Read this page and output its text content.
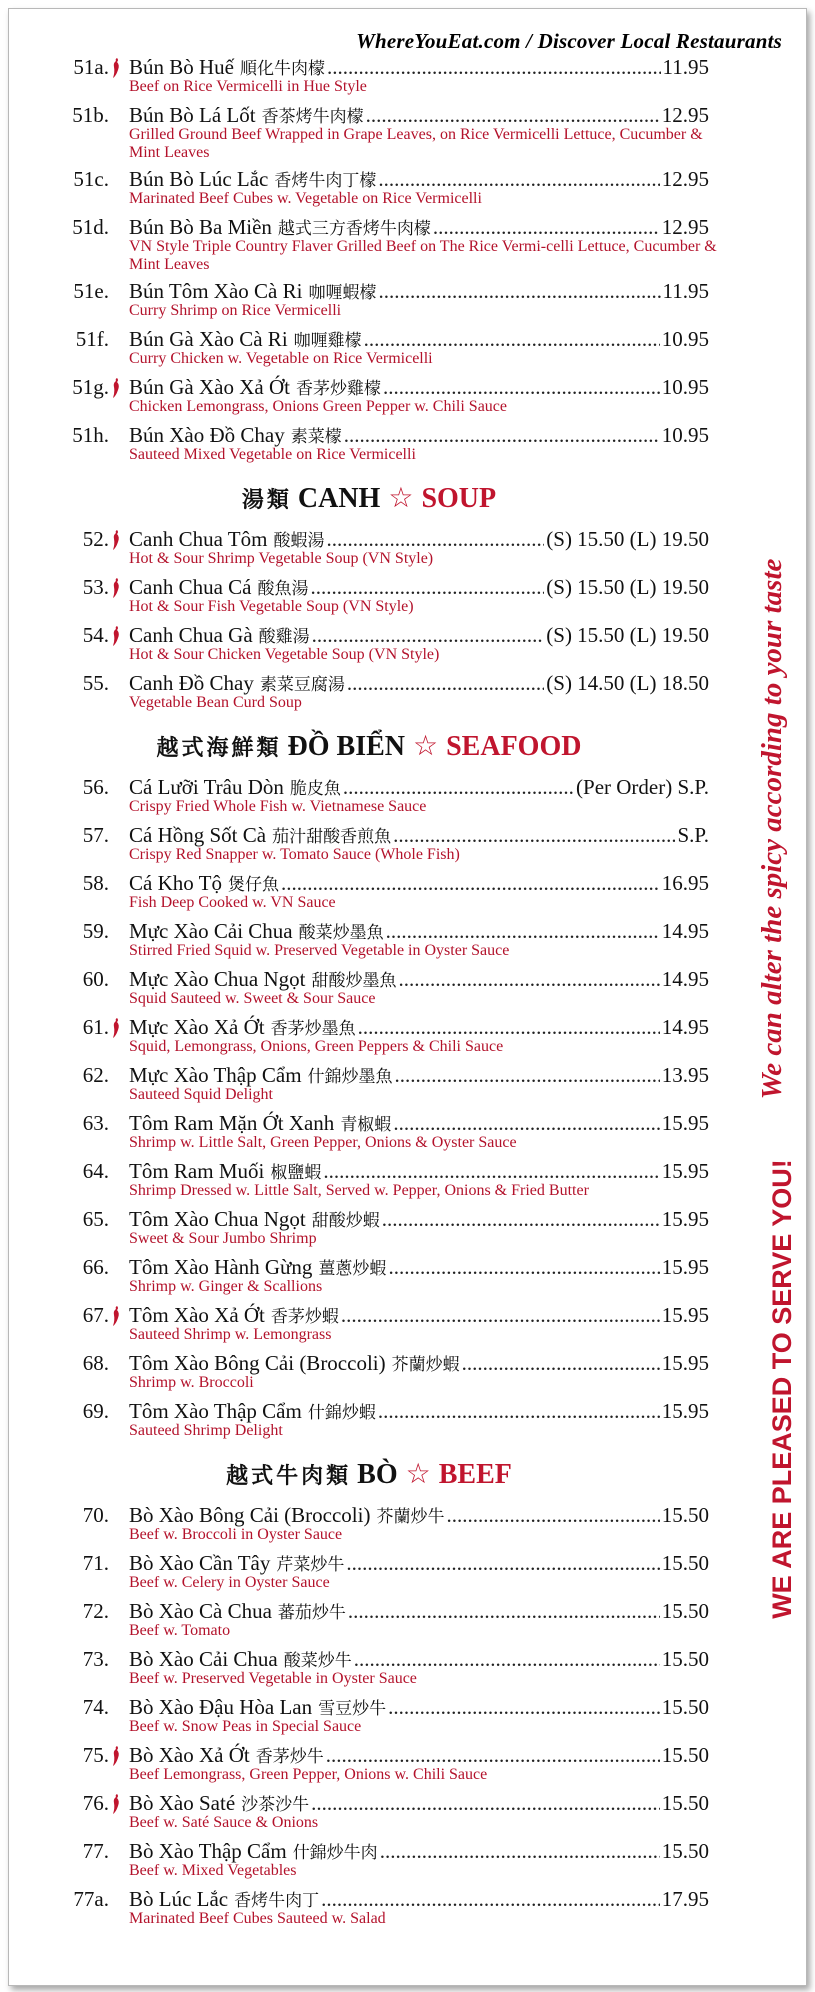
WhereYouEat.com / Discover Local Restaurants
51a. Bún Bò Huế 順化牛肉檬 .....	11.95
Beef on Rice Vermicelli in Hue Style
51b. Bún Bò Lá Lốt 香茶烤牛肉檬 .....	12.95
Grilled Ground Beef Wrapped in Grape Leaves, on Rice Vermicelli Lettuce, Cucumber & Mint Leaves
51c. Bún Bò Lúc Lắc 香烤牛肉丁檬 .....	12.95
Marinated Beef Cubes w. Vegetable on Rice Vermicelli
51d. Bún Bò Ba Miền 越式三方香烤牛肉檬 .....	12.95
VN Style Triple Country Flaver Grilled Beef on The Rice Vermi-celli Lettuce, Cucumber & Mint Leaves
51e. Bún Tôm Xào Cà Ri 咖喱蝦檬 .....	11.95
Curry Shrimp on Rice Vermicelli
51f. Bún Gà Xào Cà Ri 咖喱雞檬 .....	10.95
Curry Chicken w. Vegetable on Rice Vermicelli
51g. Bún Gà Xào Xả Ớt 香茅炒雞檬 .....	10.95
Chicken Lemongrass, Onions Green Pepper w. Chili Sauce
51h. Bún Xào Đồ Chay 素菜檬 .....	10.95
Sauteed Mixed Vegetable on Rice Vermicelli
湯類 CANH ☆ SOUP
52. Canh Chua Tôm 酸蝦湯 .....	(S) 15.50 (L) 19.50
Hot & Sour Shrimp Vegetable Soup (VN Style)
53. Canh Chua Cá 酸魚湯 .....	(S) 15.50 (L) 19.50
Hot & Sour Fish Vegetable Soup (VN Style)
54. Canh Chua Gà 酸雞湯 .....	(S) 15.50 (L) 19.50
Hot & Sour Chicken Vegetable Soup (VN Style)
55. Canh Đồ Chay 素菜豆腐湯 .....	(S) 14.50 (L) 18.50
Vegetable Bean Curd Soup
越式海鮮類 ĐỒ BIỂN ☆ SEAFOOD
56. Cá Lưỡi Trâu Dòn 脆皮魚 .....	(Per Order) S.P.
Crispy Fried Whole Fish w. Vietnamese Sauce
57. Cá Hồng Sốt Cà 茄汁甜酸香煎魚 .....	S.P.
Crispy Red Snapper w. Tomato Sauce (Whole Fish)
58. Cá Kho Tộ 煲仔魚 .....	16.95
Fish Deep Cooked w. VN Sauce
59. Mực Xào Cải Chua 酸菜炒墨魚 .....	14.95
Stirred Fried Squid w. Preserved Vegetable in Oyster Sauce
60. Mực Xào Chua Ngọt 甜酸炒墨魚 .....	14.95
Squid Sauteed w. Sweet & Sour Sauce
61. Mực Xào Xả Ớt 香茅炒墨魚 .....	14.95
Squid, Lemongrass, Onions, Green Peppers & Chili Sauce
62. Mực Xào Thập Cẩm 什錦炒墨魚 .....	13.95
Sauteed Squid Delight
63. Tôm Ram Mặn Ớt Xanh 青椒蝦 .....	15.95
Shrimp w. Little Salt, Green Pepper, Onions & Oyster Sauce
64. Tôm Ram Muối 椒鹽蝦 .....	15.95
Shrimp Dressed w. Little Salt, Served w. Pepper, Onions & Fried Butter
65. Tôm Xào Chua Ngọt 甜酸炒蝦 .....	15.95
Sweet & Sour Jumbo Shrimp
66. Tôm Xào Hành Gừng 薑蔥炒蝦 .....	15.95
Shrimp w. Ginger & Scallions
67. Tôm Xào Xả Ớt 香茅炒蝦 .....	15.95
Sauteed Shrimp w. Lemongrass
68. Tôm Xào Bông Cải (Broccoli) 芥蘭炒蝦 .....	15.95
Shrimp w. Broccoli
69. Tôm Xào Thập Cẩm 什錦炒蝦 .....	15.95
Sauteed Shrimp Delight
越式牛肉類 BÒ ☆ BEEF
70. Bò Xào Bông Cải (Broccoli) 芥蘭炒牛 .....	15.50
Beef w. Broccoli in Oyster Sauce
71. Bò Xào Cần Tây 芹菜炒牛 .....	15.50
Beef w. Celery in Oyster Sauce
72. Bò Xào Cà Chua 蕃茄炒牛 .....	15.50
Beef w. Tomato
73. Bò Xào Cải Chua 酸菜炒牛 .....	15.50
Beef w. Preserved Vegetable in Oyster Sauce
74. Bò Xào Đậu Hòa Lan 雪豆炒牛 .....	15.50
Beef w. Snow Peas in Special Sauce
75. Bò Xào Xả Ớt 香茅炒牛 .....	15.50
Beef Lemongrass, Green Pepper, Onions w. Chili Sauce
76. Bò Xào Saté 沙茶沙牛 .....	15.50
Beef w. Saté Sauce & Onions
77. Bò Xào Thập Cẩm 什錦炒牛肉 .....	15.50
Beef w. Mixed Vegetables
77a. Bò Lúc Lắc 香烤牛肉丁 .....	17.95
Marinated Beef Cubes Sauteed w. Salad
We can alter the spicy according to your taste
WE ARE PLEASED TO SERVE YOU!
